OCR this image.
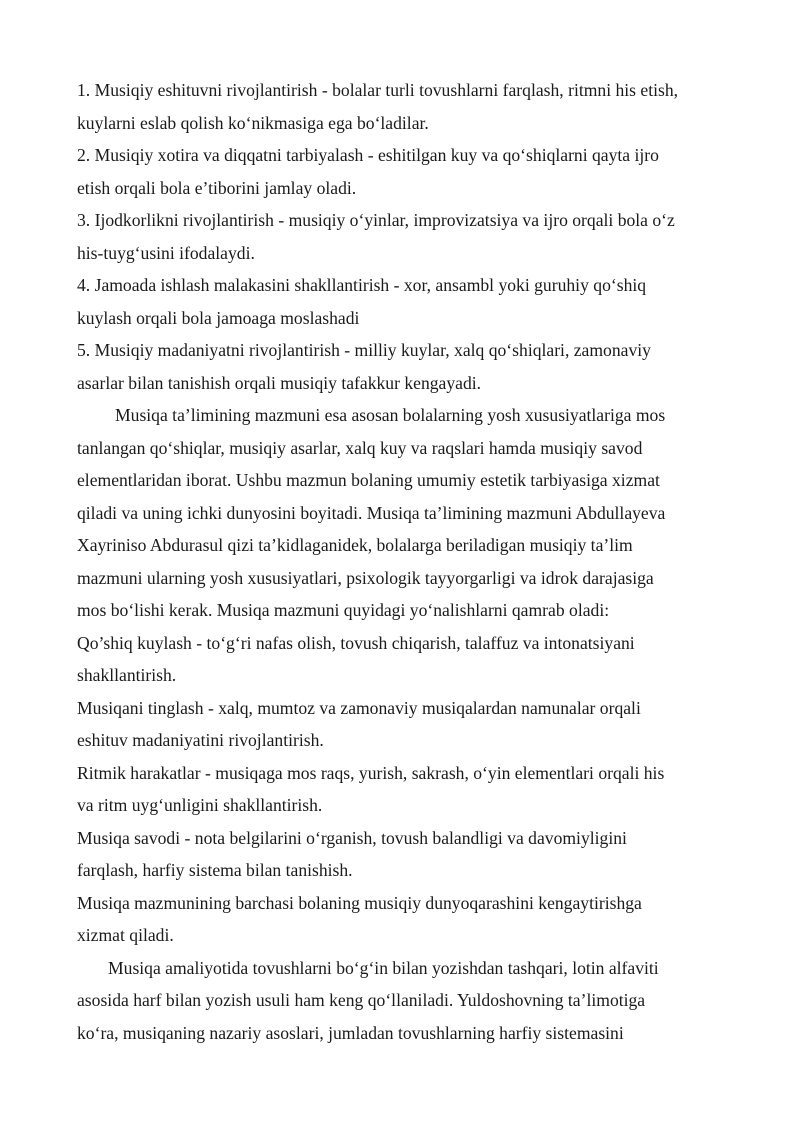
1. Musiqiy eshituvni rivojlantirish - bolalar turli tovushlarni farqlash, ritmni his etish,
kuylarni eslab qolish ko‘nikmasiga ega bo‘ladilar.
2. Musiqiy xotira va diqqatni tarbiyalash - eshitilgan kuy va qo‘shiqlarni qayta ijro
etish orqali bola e’tiborini jamlay oladi.
3. Ijodkorlikni rivojlantirish - musiqiy o‘yinlar, improvizatsiya va ijro orqali bola o‘z
his-tuyg‘usini ifodalaydi.
4. Jamoada ishlash malakasini shakllantirish - xor, ansambl yoki guruhiy qo‘shiq
kuylash orqali bola jamoaga moslashadi
5. Musiqiy madaniyatni rivojlantirish - milliy kuylar, xalq qo‘shiqlari, zamonaviy
asarlar bilan tanishish orqali musiqiy tafakkur kengayadi.
Musiqa ta’limining mazmuni esa asosan bolalarning yosh xususiyatlariga mos
tanlangan qo‘shiqlar, musiqiy asarlar, xalq kuy va raqslari hamda musiqiy savod
elementlaridan iborat. Ushbu mazmun bolaning umumiy estetik tarbiyasiga xizmat
qiladi va uning ichki dunyosini boyitadi. Musiqa ta’limining mazmuni Abdullayeva
Xayriniso Abdurasul qizi ta’kidlaganidek, bolalarga beriladigan musiqiy ta’lim
mazmuni ularning yosh xususiyatlari, psixologik tayyorgarligi va idrok darajasiga
mos bo‘lishi kerak. Musiqa mazmuni quyidagi yo‘nalishlarni qamrab oladi:
Qo’shiq kuylash - to‘g‘ri nafas olish, tovush chiqarish, talaffuz va intonatsiyani
shakllantirish.
Musiqani tinglash - xalq, mumtoz va zamonaviy musiqalardan namunalar orqali
eshituv madaniyatini rivojlantirish.
Ritmik harakatlar - musiqaga mos raqs, yurish, sakrash, o‘yin elementlari orqali his
va ritm uyg‘unligini shakllantirish.
Musiqa savodi - nota belgilarini o‘rganish, tovush balandligi va davomiyligini
farqlash, harfiy sistema bilan tanishish.
Musiqa mazmunining barchasi bolaning musiqiy dunyoqarashini kengaytirishga
xizmat qiladi.
Musiqa amaliyotida tovushlarni bo‘g‘in bilan yozishdan tashqari, lotin alfaviti
asosida harf bilan yozish usuli ham keng qo‘llaniladi. Yuldoshovning ta’limotiga
ko‘ra, musiqaning nazariy asoslari, jumladan tovushlarning harfiy sistemasini
